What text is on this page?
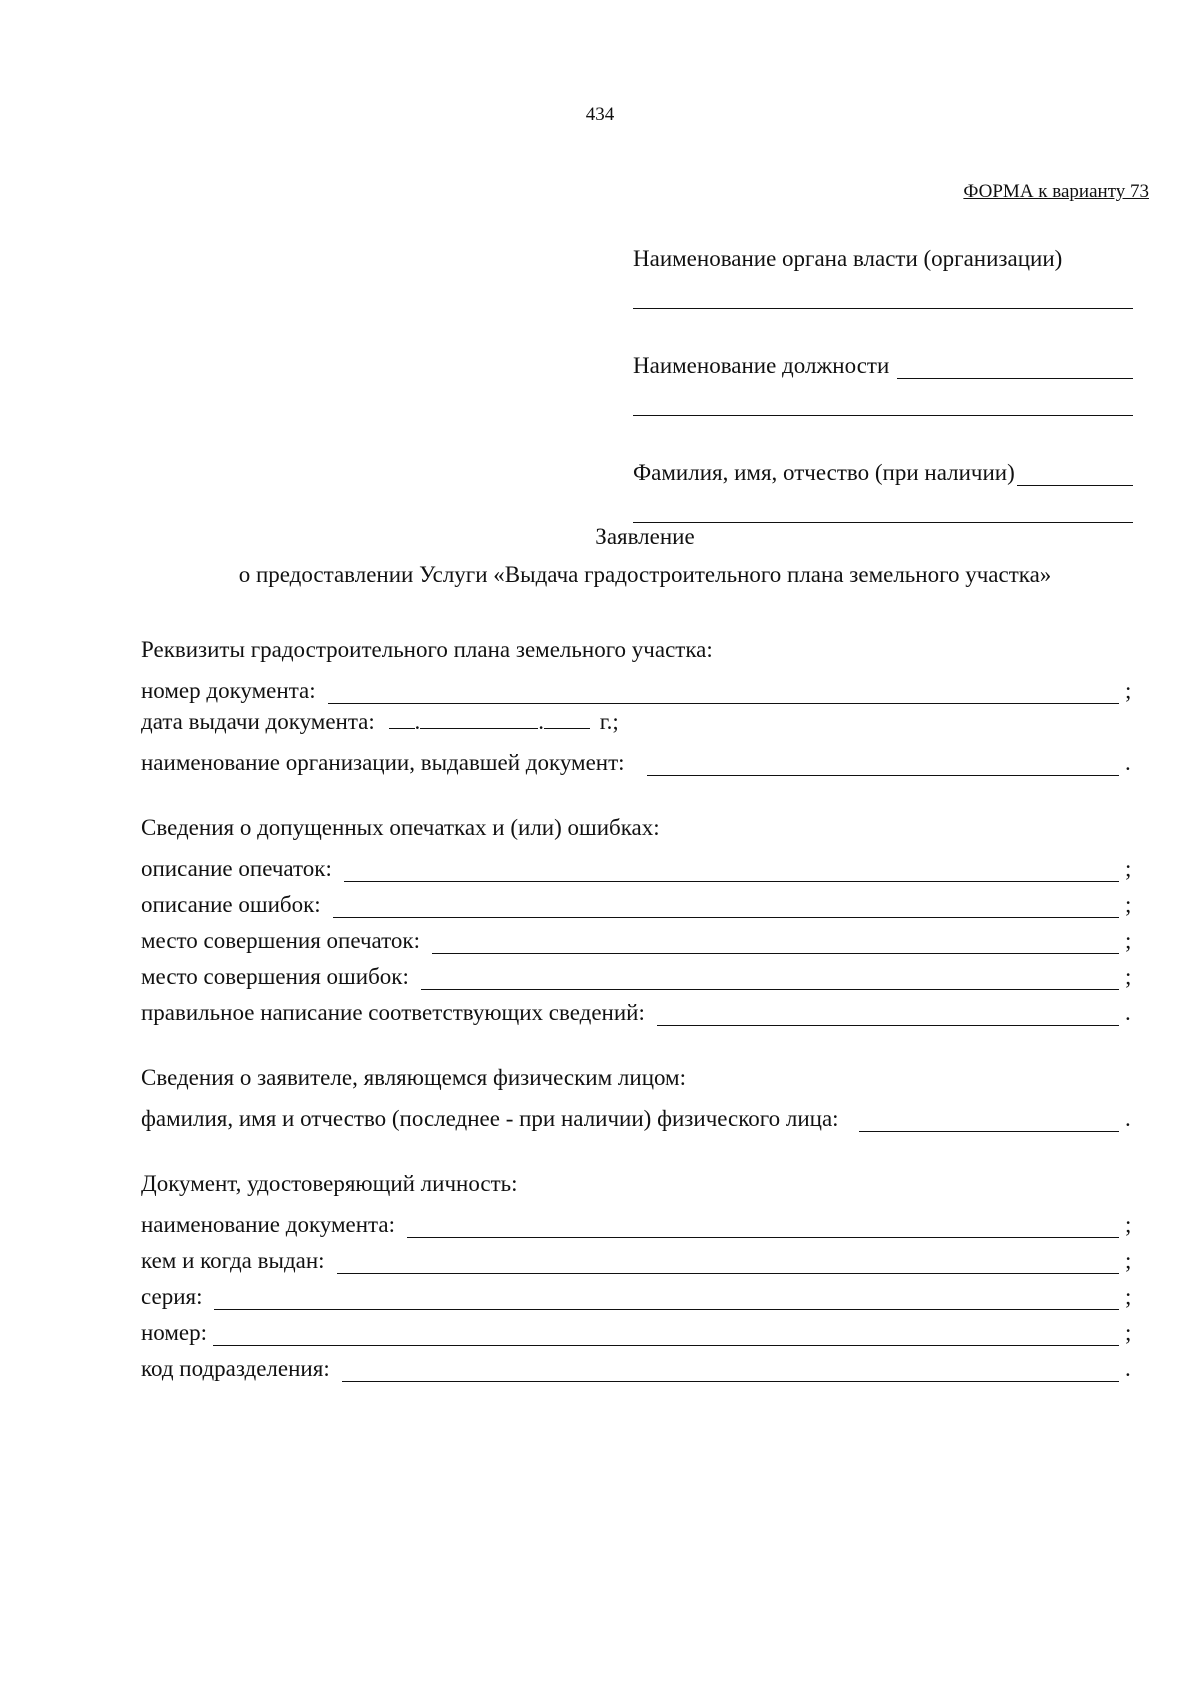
434
ФОРМА к варианту 73
Наименование органа власти (организации)
Наименование должности
Фамилия, имя, отчество (при наличии)
Заявление
о предоставлении Услуги «Выдача градостроительного плана земельного участка»
Реквизиты градостроительного плана земельного участка:
номер документа:	;
дата выдачи документа: .	. г.;
наименование организации, выдавшей документ:	.
Сведения о допущенных опечатках и (или) ошибках:
описание опечаток:	;
описание ошибок:	;
место совершения опечаток:	;
место совершения ошибок:	;
правильное написание соответствующих сведений:	.
Сведения о заявителе, являющемся физическим лицом:
фамилия, имя и отчество (последнее - при наличии) физического лица:	.
Документ, удостоверяющий личность:
наименование документа:	;
кем и когда выдан:	;
серия:	;
номер:	;
код подразделения:	.
